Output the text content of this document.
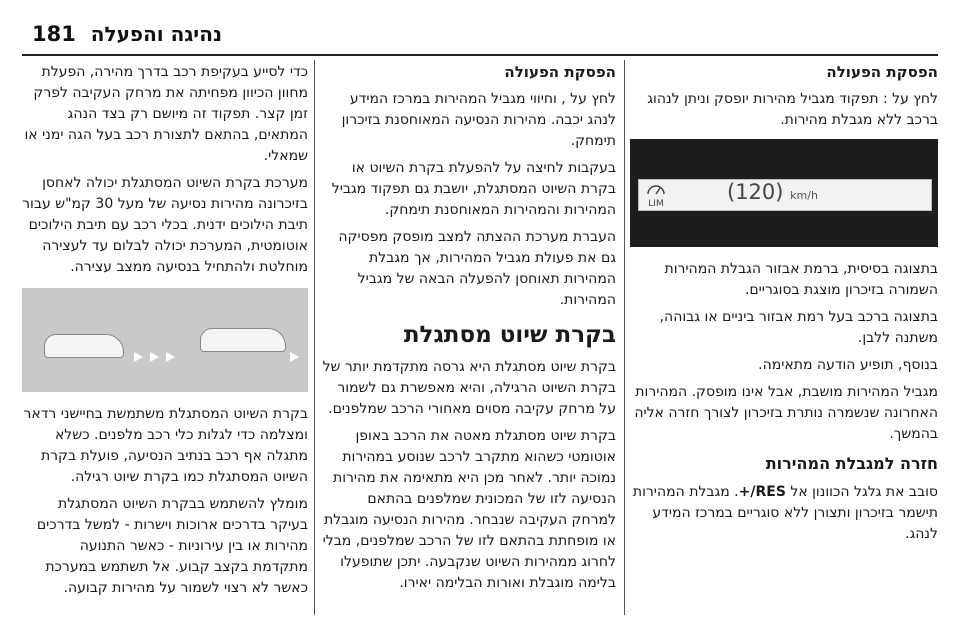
181 נהיגה והפעלה
הפסקת הפעולה

לחץ על : תפקוד מגביל מהירות יופסק וניתן לנהוג ברכב ללא מגבלת מהירות.

LIM	(120) km/h

בתצוגה בסיסית, ברמת אבזור הגבלת המהירות השמורה בזיכרון מוצגת בסוגריים.

בתצוגה ברכב בעל רמת אבזור ביניים או גבוהה, משתנה ללבן.

בנוסף, תופיע הודעה מתאימה.

מגביל המהירות מושבת, אבל אינו מופסק. המהירות האחרונה שנשמרה נותרת בזיכרון לצורך חזרה אליה בהמשך.

חזרה למגבלת המהירות

סובב את גלגל הכוונון אל RES/+. מגבלת המהירות תישמר בזיכרון ותצורן ללא סוגריים במרכז המידע לנהג.

הפסקת הפעולה

לחץ על , וחיווי מגביל המהירות במרכז המידע לנהג יכבה. מהירות הנסיעה המאוחסנת בזיכרון תימחק.

בעקבות לחיצה על להפעלת בקרת השיוט או בקרת השיוט המסתגלת, יושבת גם תפקוד מגביל המהירות והמהירות המאוחסנת תימחק.

העברת מערכת ההצתה למצב מופסק מפסיקה גם את פעולת מגביל המהירות, אך מגבלת המהירות תאוחסן להפעלה הבאה של מגביל המהירות.

בקרת שיוט מסתגלת

בקרת שיוט מסתגלת היא גרסה מתקדמת יותר של בקרת השיוט הרגילה, והיא מאפשרת גם לשמור על מרחק עקיבה מסוים מאחורי הרכב שמלפנים.

בקרת שיוט מסתגלת מאטה את הרכב באופן אוטומטי כשהוא מתקרב לרכב שנוסע במהירות נמוכה יותר. לאחר מכן היא מתאימה את מהירות הנסיעה לזו של המכונית שמלפנים בהתאם למרחק העקיבה שנבחר. מהירות הנסיעה מוגבלת או מופחתת בהתאם לזו של הרכב שמלפנים, מבלי לחרוג ממהירות השיוט שנקבעה. יתכן שתופעלו בלימה מוגבלת ואורות הבלימה יאירו.

כדי לסייע בעקיפת רכב בדרך מהירה, הפעלת מחוון הכיוון מפחיתה את מרחק העקיבה לפרק זמן קצר. תפקוד זה מיושם רק בצד הנהג המתאים, בהתאם לתצורת רכב בעל הגה ימני או שמאלי.

מערכת בקרת השיוט המסתגלת יכולה לאחסן בזיכרונה מהירות נסיעה של מעל 30 קמ"ש עבור תיבת הילוכים ידנית. בכלי רכב עם תיבת הילוכים אוטומטית, המערכת יכולה לבלום עד לעצירה מוחלטת ולהתחיל בנסיעה ממצב עצירה.

בקרת השיוט המסתגלת משתמשת בחיישני רדאר ומצלמה כדי לגלות כלי רכב מלפנים. כשלא מתגלה אף רכב בנתיב הנסיעה, פועלת בקרת השיוט המסתגלת כמו בקרת שיוט רגילה.

מומלץ להשתמש בבקרת השיוט המסתגלת בעיקר בדרכים ארוכות וישרות - למשל בדרכים מהירות או בין עירוניות - כאשר התנועה מתקדמת בקצב קבוע. אל תשתמש במערכת כאשר לא רצוי לשמור על מהירות קבועה.
